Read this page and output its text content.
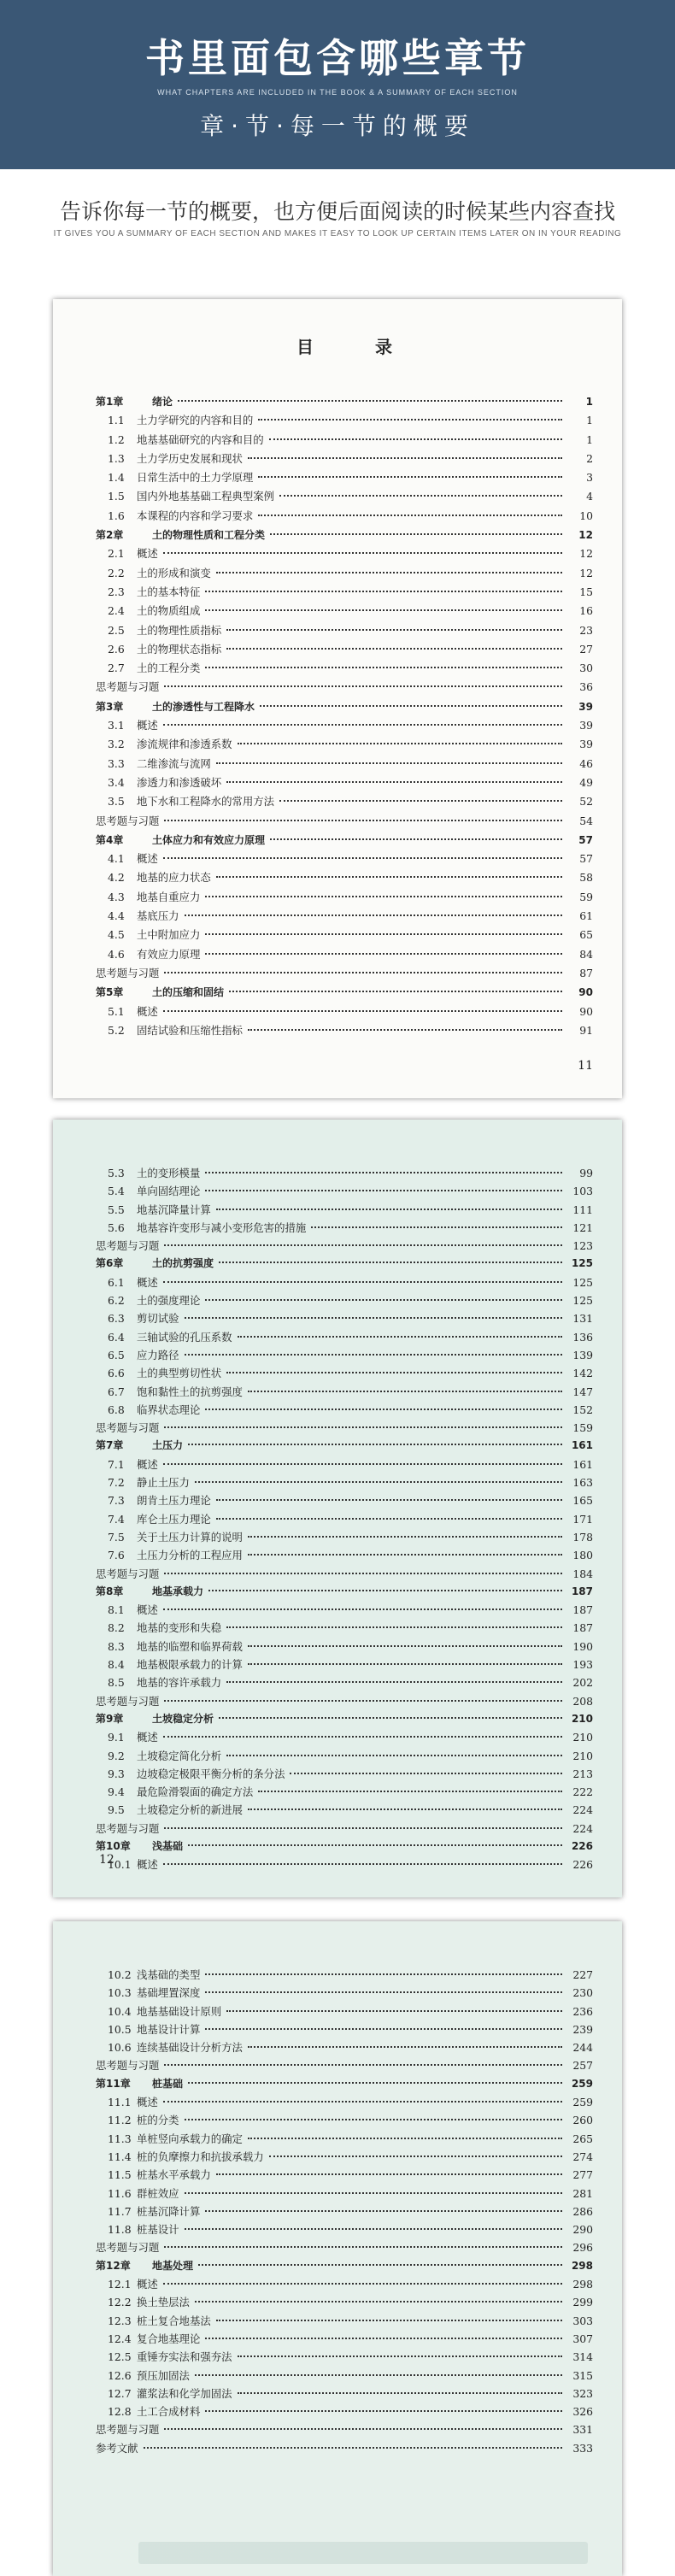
书里面包含哪些章节
WHAT CHAPTERS ARE INCLUDED IN THE BOOK & A SUMMARY OF EACH SECTION
章·节·每一节的概要
告诉你每一节的概要，也方便后面阅读的时候某些内容查找
IT GIVES YOU A SUMMARY OF EACH SECTION AND MAKES IT EASY TO LOOK UP CERTAIN ITEMS LATER ON IN YOUR READING
目　录
第1章	绪论	1
1.1	土力学研究的内容和目的	1
1.2	地基基础研究的内容和目的	1
1.3	土力学历史发展和现状	2
1.4	日常生活中的土力学原理	3
1.5	国内外地基基础工程典型案例	4
1.6	本课程的内容和学习要求	10
第2章	土的物理性质和工程分类	12
2.1	概述	12
2.2	土的形成和演变	12
2.3	土的基本特征	15
2.4	土的物质组成	16
2.5	土的物理性质指标	23
2.6	土的物理状态指标	27
2.7	土的工程分类	30
思考题与习题	36
第3章	土的渗透性与工程降水	39
3.1	概述	39
3.2	渗流规律和渗透系数	39
3.3	二维渗流与流网	46
3.4	渗透力和渗透破坏	49
3.5	地下水和工程降水的常用方法	52
思考题与习题	54
第4章	土体应力和有效应力原理	57
4.1	概述	57
4.2	地基的应力状态	58
4.3	地基自重应力	59
4.4	基底压力	61
4.5	土中附加应力	65
4.6	有效应力原理	84
思考题与习题	87
第5章	土的压缩和固结	90
5.1	概述	90
5.2	固结试验和压缩性指标	91
11
5.3	土的变形模量	99
5.4	单向固结理论	103
5.5	地基沉降量计算	111
5.6	地基容许变形与减小变形危害的措施	121
思考题与习题	123
第6章	土的抗剪强度	125
6.1	概述	125
6.2	土的强度理论	125
6.3	剪切试验	131
6.4	三轴试验的孔压系数	136
6.5	应力路径	139
6.6	土的典型剪切性状	142
6.7	饱和黏性土的抗剪强度	147
6.8	临界状态理论	152
思考题与习题	159
第7章	土压力	161
7.1	概述	161
7.2	静止土压力	163
7.3	朗肯土压力理论	165
7.4	库仑土压力理论	171
7.5	关于土压力计算的说明	178
7.6	土压力分析的工程应用	180
思考题与习题	184
第8章	地基承载力	187
8.1	概述	187
8.2	地基的变形和失稳	187
8.3	地基的临塑和临界荷载	190
8.4	地基极限承载力的计算	193
8.5	地基的容许承载力	202
思考题与习题	208
第9章	土坡稳定分析	210
9.1	概述	210
9.2	土坡稳定简化分析	210
9.3	边坡稳定极限平衡分析的条分法	213
9.4	最危险滑裂面的确定方法	222
9.5	土坡稳定分析的新进展	224
思考题与习题	224
第10章	浅基础	226
10.1 概述	226
12
10.2 浅基础的类型	227
10.3 基础埋置深度	230
10.4 地基基础设计原则	236
10.5 地基设计计算	239
10.6 连续基础设计分析方法	244
思考题与习题	257
第11章	桩基础	259
11.1 概述	259
11.2 桩的分类	260
11.3 单桩竖向承载力的确定	265
11.4 桩的负摩擦力和抗拔承载力	274
11.5 桩基水平承载力	277
11.6 群桩效应	281
11.7 桩基沉降计算	286
11.8 桩基设计	290
思考题与习题	296
第12章	地基处理	298
12.1 概述	298
12.2 换土垫层法	299
12.3 桩土复合地基法	303
12.4 复合地基理论	307
12.5 重锤夯实法和强夯法	314
12.6 预压加固法	315
12.7 灌浆法和化学加固法	323
12.8 土工合成材料	326
思考题与习题	331
参考文献	333
